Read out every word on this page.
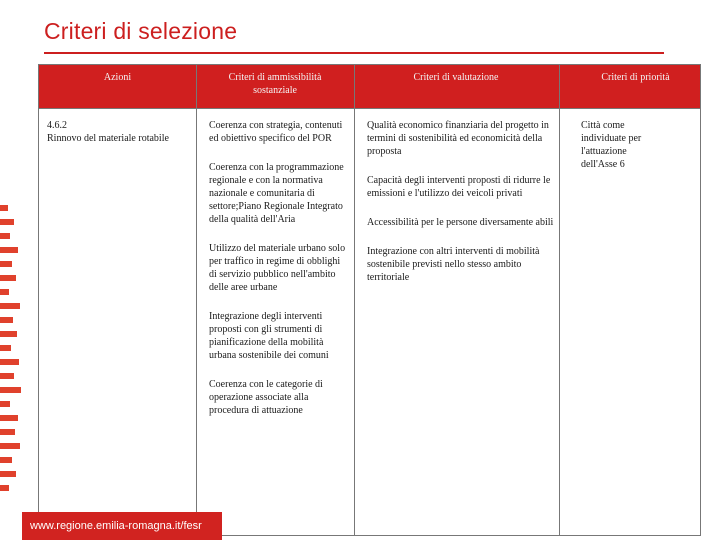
Criteri di selezione
Azioni	Criteri di ammissibilità sostanziale
Criteri di valutazione	Criteri di priorità
4.6.2
Rinnovo del materiale rotabile
Coerenza con strategia, contenuti ed obiettivo specifico del POR
Coerenza con la programmazione regionale e con la normativa nazionale e comunitaria di settore;Piano Regionale Integrato della qualità dell'Aria
Utilizzo del materiale urbano solo per traffico in regime di obblighi di servizio pubblico nell'ambito delle aree urbane
Integrazione degli interventi proposti con gli strumenti di pianificazione della mobilità urbana sostenibile dei comuni
Coerenza con le categorie di operazione associate alla procedura di attuazione
Qualità economico finanziaria del progetto in termini di sostenibilità ed economicità della proposta
Capacità degli interventi proposti di ridurre le emissioni e l'utilizzo dei veicoli privati
Accessibilità per le persone diversamente abili
Integrazione con altri interventi di mobilità sostenibile previsti nello stesso ambito territoriale
Città come individuate per l'attuazione dell'Asse 6
www.regione.emilia-romagna.it/fesr
